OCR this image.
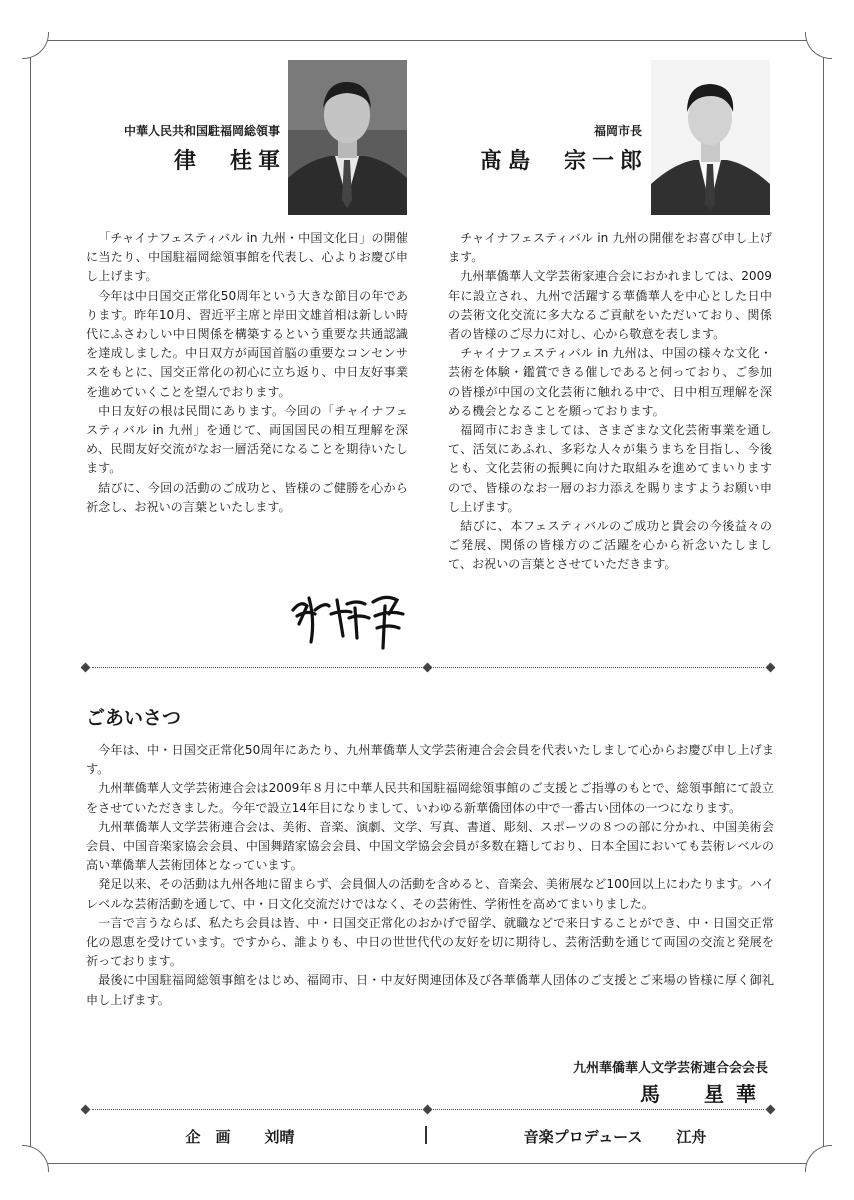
中華人民共和国駐福岡総領事
律　桂軍
福岡市長
髙島　宗一郎

「チャイナフェスティバル in 九州・中国文化日」の開催に当たり、中国駐福岡総領事館を代表し、心よりお慶び申し上げます。

今年は中日国交正常化50周年という大きな節目の年であります。昨年10月、習近平主席と岸田文雄首相は新しい時代にふさわしい中日関係を構築するという重要な共通認識を達成しました。中日双方が両国首脳の重要なコンセンサスをもとに、国交正常化の初心に立ち返り、中日友好事業を進めていくことを望んでおります。

中日友好の根は民間にあります。今回の「チャイナフェスティバル in 九州」を通じて、両国国民の相互理解を深め、民間友好交流がなお一層活発になることを期待いたします。

結びに、今回の活動のご成功と、皆様のご健勝を心から祈念し、お祝いの言葉といたします。

チャイナフェスティバル in 九州の開催をお喜び申し上げます。

九州華僑華人文学芸術家連合会におかれましては、2009年に設立され、九州で活躍する華僑華人を中心とした日中の芸術文化交流に多大なるご貢献をいただいており、関係者の皆様のご尽力に対し、心から敬意を表します。

チャイナフェスティバル in 九州は、中国の様々な文化・芸術を体験・鑑賞できる催しであると伺っており、ご参加の皆様が中国の文化芸術に触れる中で、日中相互理解を深める機会となることを願っております。

福岡市におきましては、さまざまな文化芸術事業を通して、活気にあふれ、多彩な人々が集うまちを目指し、今後とも、文化芸術の振興に向けた取組みを進めてまいりますので、皆様のなお一層のお力添えを賜りますようお願い申し上げます。

結びに、本フェスティバルのご成功と貴会の今後益々のご発展、関係の皆様方のご活躍を心から祈念いたしまして、お祝いの言葉とさせていただきます。

ごあいさつ

今年は、中・日国交正常化50周年にあたり、九州華僑華人文学芸術連合会会員を代表いたしまして心からお慶び申し上げます。

九州華僑華人文学芸術連合会は2009年８月に中華人民共和国駐福岡総領事館のご支援とご指導のもとで、総領事館にて設立をさせていただきました。今年で設立14年目になりまして、いわゆる新華僑団体の中で一番古い団体の一つになります。

九州華僑華人文学芸術連合会は、美術、音楽、演劇、文学、写真、書道、彫刻、スポーツの８つの部に分かれ、中国美術会会員、中国音楽家協会会員、中国舞踏家協会会員、中国文学協会会員が多数在籍しており、日本全国においても芸術レベルの高い華僑華人芸術団体となっています。

発足以来、その活動は九州各地に留まらず、会員個人の活動を含めると、音楽会、美術展など100回以上にわたります。ハイレベルな芸術活動を通して、中・日文化交流だけではなく、その芸術性、学術性を高めてまいりました。

一言で言うならば、私たち会員は皆、中・日国交正常化のおかげで留学、就職などで来日することができ、中・日国交正常化の恩恵を受けています。ですから、誰よりも、中日の世世代代の友好を切に期待し、芸術活動を通じて両国の交流と発展を祈っております。

最後に中国駐福岡総領事館をはじめ、福岡市、日・中友好関連団体及び各華僑華人団体のご支援とご来場の皆様に厚く御礼申し上げます。

九州華僑華人文学芸術連合会会長
馬　星華
企　画 刘晴	音楽プロデュース 江舟
